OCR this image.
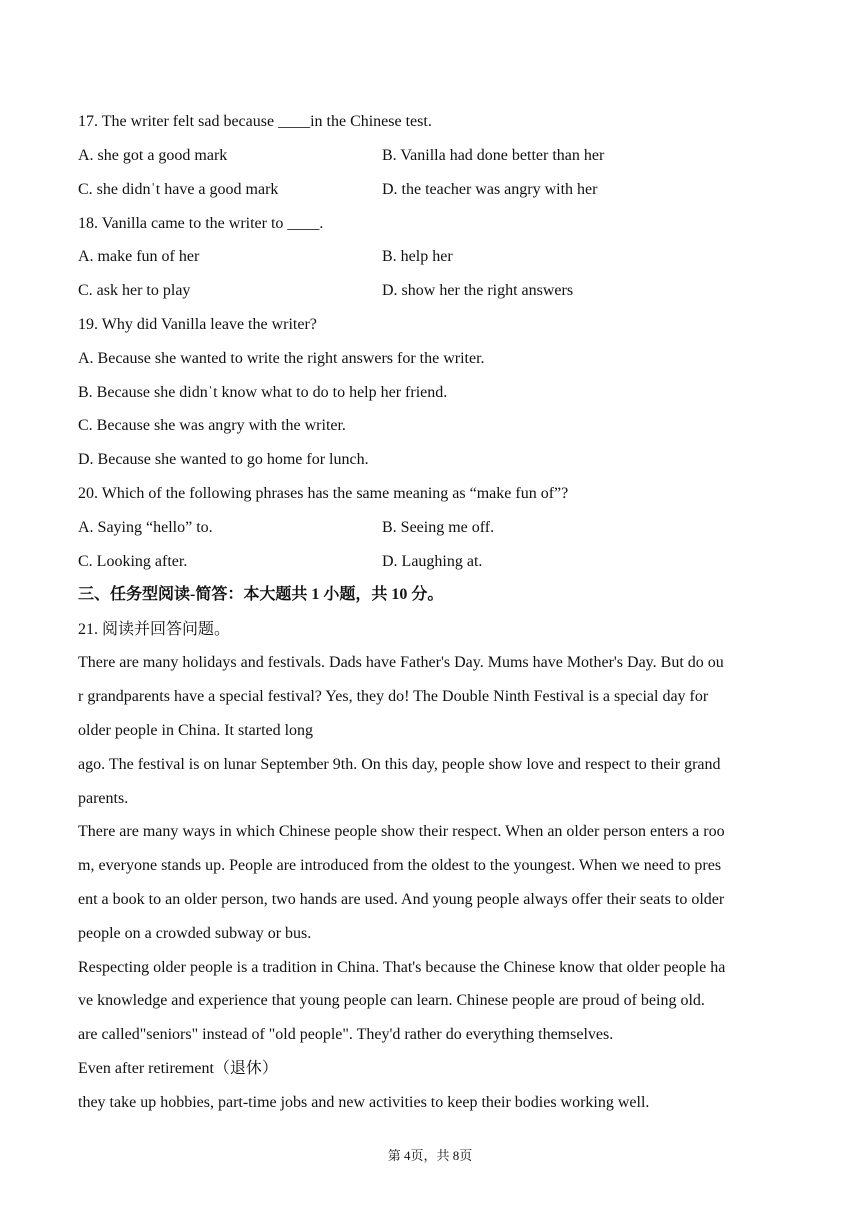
17. The writer felt sad because ____in the Chinese test.
A. she got a good mark	B. Vanilla had done better than her
C. she didnˈt have a good mark	D. the teacher was angry with her
18. Vanilla came to the writer to ____.
A. make fun of her	B. help her
C. ask her to play	D. show her the right answers
19. Why did Vanilla leave the writer?
A. Because she wanted to write the right answers for the writer.
B. Because she didnˈt know what to do to help her friend.
C. Because she was angry with the writer.
D. Because she wanted to go home for lunch.
20. Which of the following phrases has the same meaning as “make fun of”?
A. Saying “hello” to.	B. Seeing me off.
C. Looking after.	D. Laughing at.
三、任务型阅读-简答：本大题共 1 小题，共 10 分。
21. 阅读并回答问题。
There are many holidays and festivals. Dads have Father's Day. Mums have Mother's Day. But do ou
r grandparents have a special festival? Yes, they do! The Double Ninth Festival is a special day for
older people in China. It started long
ago. The festival is on lunar September 9th. On this day, people show love and respect to their grand
parents.
There are many ways in which Chinese people show their respect. When an older person enters a roo
m, everyone stands up. People are introduced from the oldest to the youngest. When we need to pres
ent a book to an older person, two hands are used. And young people always offer their seats to older
people on a crowded subway or bus.
Respecting older people is a tradition in China. That's because the Chinese know that older people ha
ve knowledge and experience that young people can learn. Chinese people are proud of being old.
are called"seniors" instead of "old people". They'd rather do everything themselves.
Even after retirement（退休）
they take up hobbies, part-time jobs and new activities to keep their bodies working well.
第 4页，共 8页
